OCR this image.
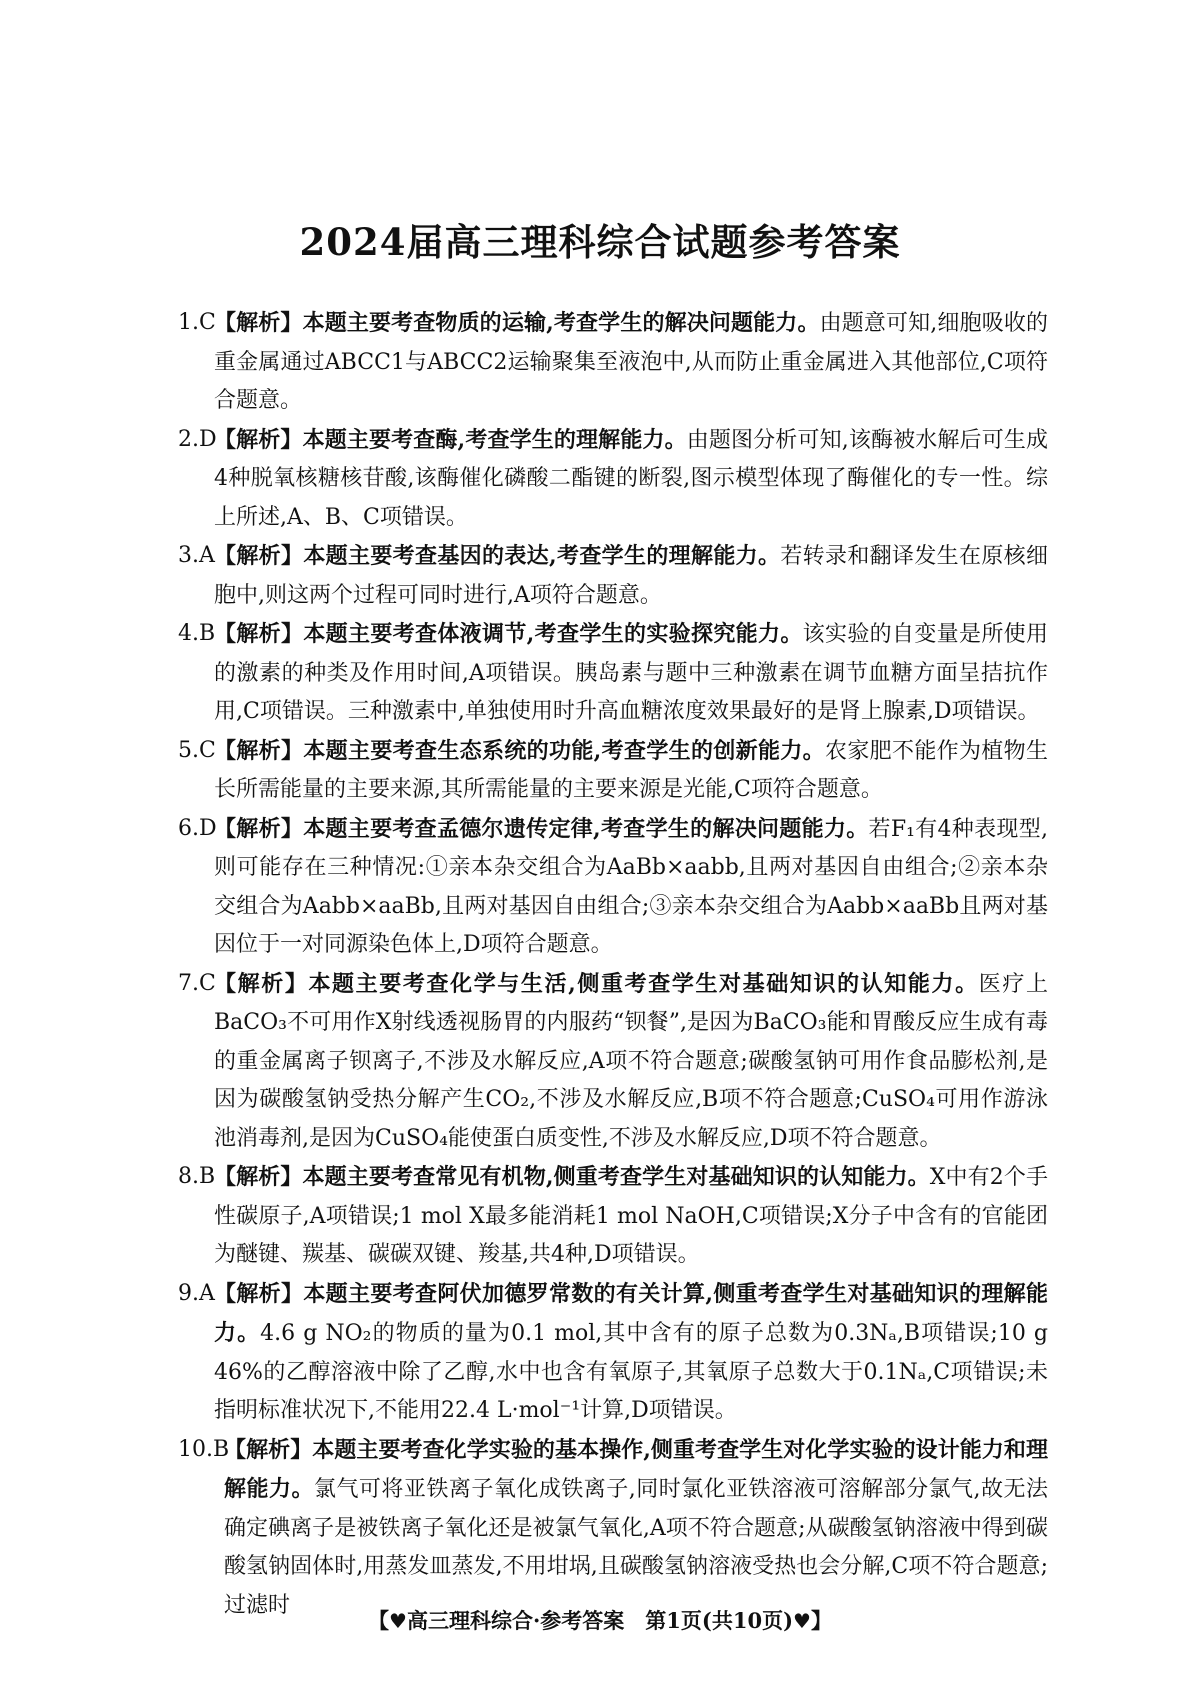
2024届高三理科综合试题参考答案
1.C
【解析】本题主要考查物质的运输,考查学生的解决问题能力。由题意可知,细胞吸收的重金属通过ABCC1与ABCC2运输聚集至液泡中,从而防止重金属进入其他部位,C项符合题意。
2.D
【解析】本题主要考查酶,考查学生的理解能力。由题图分析可知,该酶被水解后可生成4种脱氧核糖核苷酸,该酶催化磷酸二酯键的断裂,图示模型体现了酶催化的专一性。综上所述,A、B、C项错误。
3.A 【解析】本题主要考查基因的表达,考查学生的理解能力。若转录和翻译发生在原核细胞中,则这两个过程可同时进行,A项符合题意。
4.B
【解析】本题主要考查体液调节,考查学生的实验探究能力。该实验的自变量是所使用的激素的种类及作用时间,A项错误。胰岛素与题中三种激素在调节血糖方面呈拮抗作用,C项错误。三种激素中,单独使用时升高血糖浓度效果最好的是肾上腺素,D项错误。
5.C
【解析】本题主要考查生态系统的功能,考查学生的创新能力。农家肥不能作为植物生长所需能量的主要来源,其所需能量的主要来源是光能,C项符合题意。
6.D
【解析】本题主要考查孟德尔遗传定律,考查学生的解决问题能力。若F₁有4种表现型,则可能存在三种情况:①亲本杂交组合为AaBb×aabb,且两对基因自由组合;②亲本杂交组合为Aabb×aaBb,且两对基因自由组合;③亲本杂交组合为Aabb×aaBb且两对基因位于一对同源染色体上,D项符合题意。
7.C
【解析】本题主要考查化学与生活,侧重考查学生对基础知识的认知能力。医疗上BaCO₃不可用作X射线透视肠胃的内服药“钡餐”,是因为BaCO₃能和胃酸反应生成有毒的重金属离子钡离子,不涉及水解反应,A项不符合题意;碳酸氢钠可用作食品膨松剂,是因为碳酸氢钠受热分解产生CO₂,不涉及水解反应,B项不符合题意;CuSO₄可用作游泳池消毒剂,是因为CuSO₄能使蛋白质变性,不涉及水解反应,D项不符合题意。
8.B
【解析】本题主要考查常见有机物,侧重考查学生对基础知识的认知能力。X中有2个手性碳原子,A项错误;1 mol X最多能消耗1 mol NaOH,C项错误;X分子中含有的官能团为醚键、羰基、碳碳双键、羧基,共4种,D项错误。
9.A 【解析】本题主要考查阿伏加德罗常数的有关计算,侧重考查学生对基础知识的理解能力。4.6 g NO₂的物质的量为0.1 mol,其中含有的原子总数为0.3Nₐ,B项错误;10 g 46%的乙醇溶液中除了乙醇,水中也含有氧原子,其氧原子总数大于0.1Nₐ,C项错误;未指明标准状况下,不能用22.4 L·mol⁻¹计算,D项错误。
10.B
【解析】本题主要考查化学实验的基本操作,侧重考查学生对化学实验的设计能力和理解能力。氯气可将亚铁离子氧化成铁离子,同时氯化亚铁溶液可溶解部分氯气,故无法确定碘离子是被铁离子氧化还是被氯气氧化,A项不符合题意;从碳酸氢钠溶液中得到碳酸氢钠固体时,用蒸发皿蒸发,不用坩埚,且碳酸氢钠溶液受热也会分解,C项不符合题意;过滤时
【♥高三理科综合·参考答案　第1页(共10页)♥】
